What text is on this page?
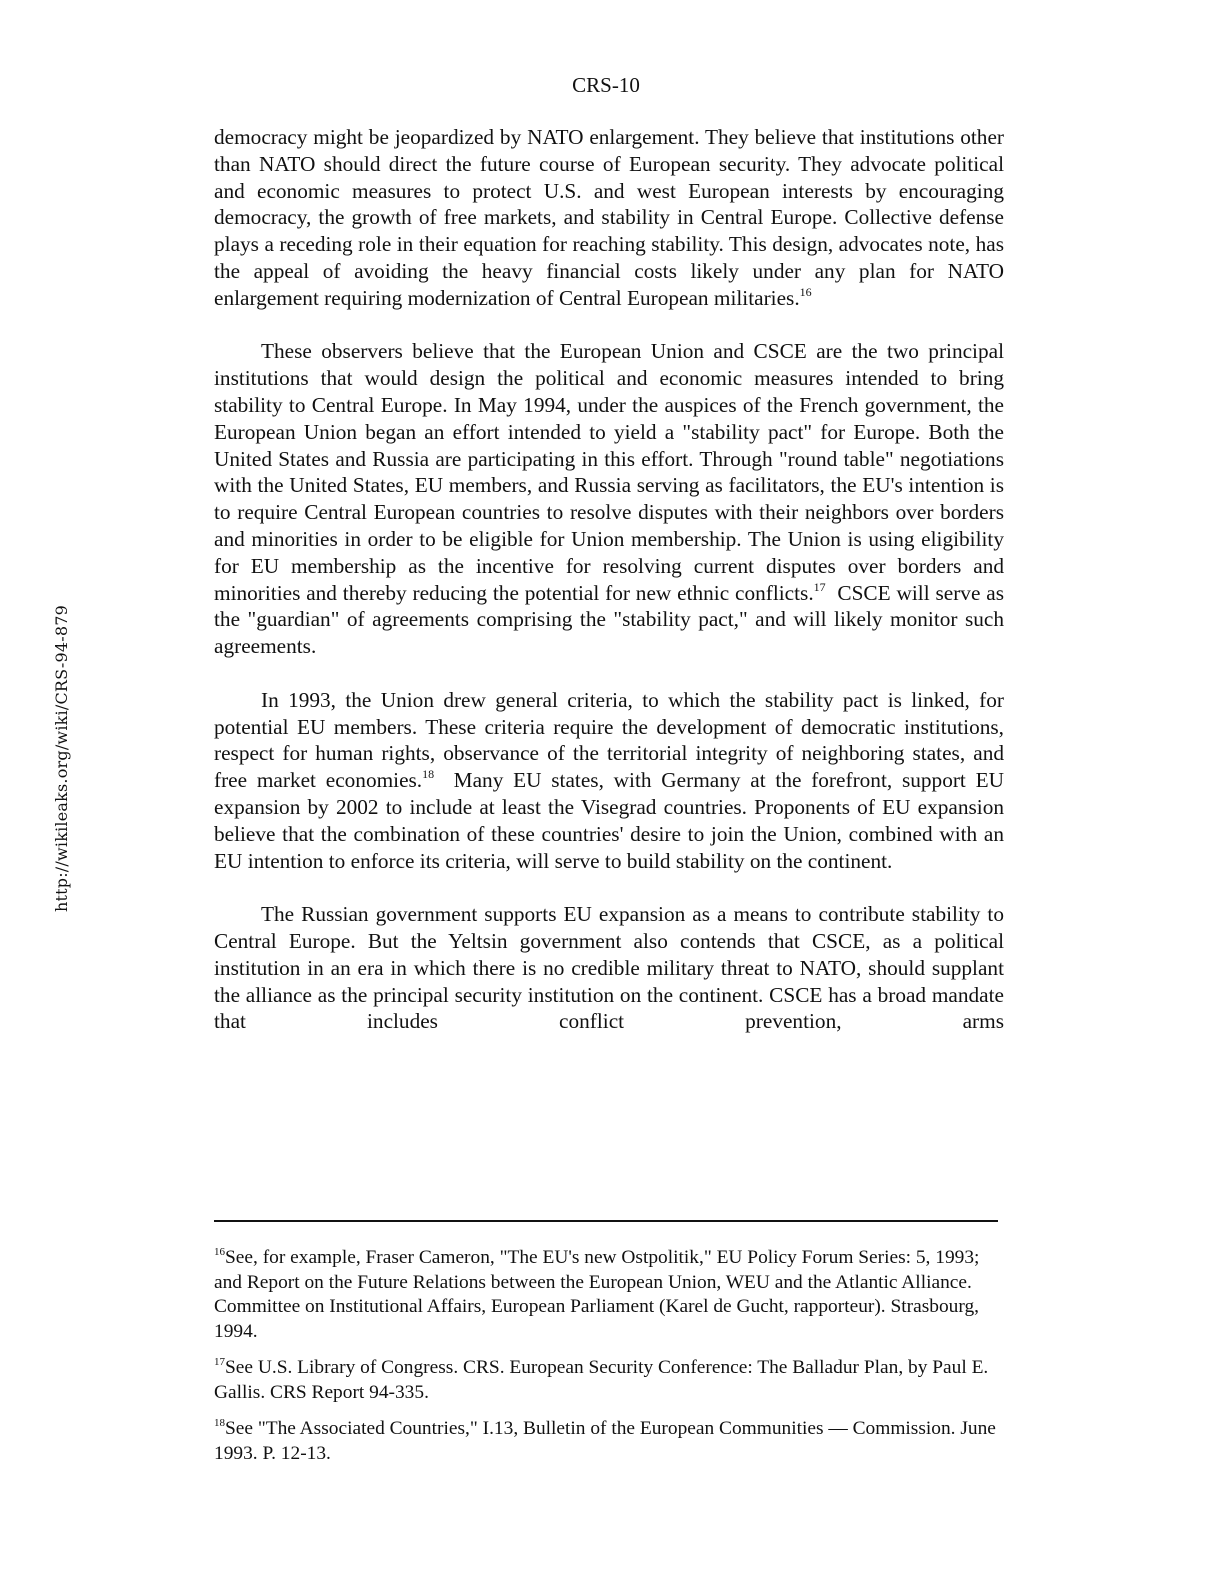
CRS-10
http://wikileaks.org/wiki/CRS-94-879

democracy might be jeopardized by NATO enlargement. They believe that institutions other than NATO should direct the future course of European security. They advocate political and economic measures to protect U.S. and west European interests by encouraging democracy, the growth of free markets, and stability in Central Europe. Collective defense plays a receding role in their equation for reaching stability. This design, advocates note, has the appeal of avoiding the heavy financial costs likely under any plan for NATO enlargement requiring modernization of Central European militaries.$^{16}$

These observers believe that the European Union and CSCE are the two principal institutions that would design the political and economic measures intended to bring stability to Central Europe. In May 1994, under the auspices of the French government, the European Union began an effort intended to yield a "stability pact" for Europe. Both the United States and Russia are participating in this effort. Through "round table" negotiations with the United States, EU members, and Russia serving as facilitators, the EU's intention is to require Central European countries to resolve disputes with their neighbors over borders and minorities in order to be eligible for Union membership. The Union is using eligibility for EU membership as the incentive for resolving current disputes over borders and minorities and thereby reducing the potential for new ethnic conflicts.$^{17}$  CSCE will serve as the "guardian" of agreements comprising the "stability pact," and will likely monitor such agreements.

In 1993, the Union drew general criteria, to which the stability pact is linked, for potential EU members. These criteria require the development of democratic institutions, respect for human rights, observance of the territorial integrity of neighboring states, and free market economies.$^{18}$  Many EU states, with Germany at the forefront, support EU expansion by 2002 to include at least the Visegrad countries. Proponents of EU expansion believe that the combination of these countries' desire to join the Union, combined with an EU intention to enforce its criteria, will serve to build stability on the continent.

The Russian government supports EU expansion as a means to contribute stability to Central Europe. But the Yeltsin government also contends that CSCE, as a political institution in an era in which there is no credible military threat to NATO, should supplant the alliance as the principal security institution on the continent. CSCE has a broad mandate that includes conflict prevention, arms

$^{16}$See, for example, Fraser Cameron, "The EU's new Ostpolitik," EU Policy Forum Series: 5, 1993; and Report on the Future Relations between the European Union, WEU and the Atlantic Alliance. Committee on Institutional Affairs, European Parliament (Karel de Gucht, rapporteur). Strasbourg, 1994.

$^{17}$See U.S. Library of Congress. CRS. European Security Conference: The Balladur Plan, by Paul E. Gallis. CRS Report 94-335.

$^{18}$See "The Associated Countries," I.13, Bulletin of the European Communities — Commission. June 1993. P. 12-13.
